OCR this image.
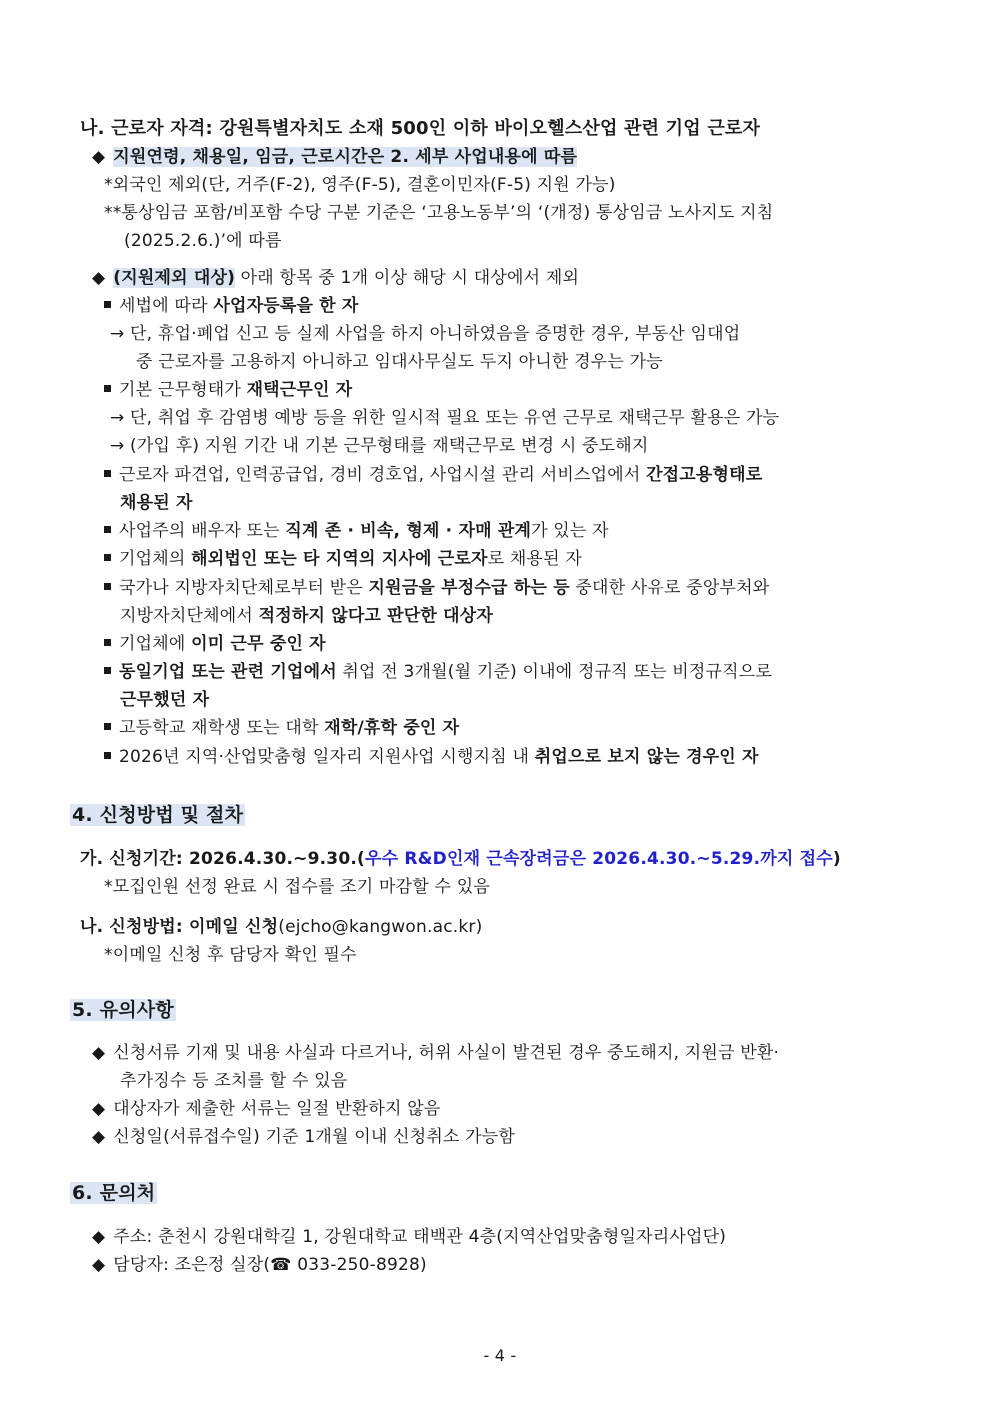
나. 근로자 자격: 강원특별자치도 소재 500인 이하 바이오헬스산업 관련 기업 근로자
◆ 지원연령, 채용일, 임금, 근로시간은 2. 세부 사업내용에 따름
*외국인 제외(단, 거주(F-2), 영주(F-5), 결혼이민자(F-5) 지원 가능)
**통상임금 포함/비포함 수당 구분 기준은 ‘고용노동부’의 ‘(개정) 통상임금 노사지도 지침
(2025.2.6.)’에 따름
◆ (지원제외 대상) 아래 항목 중 1개 이상 해당 시 대상에서 제외
세법에 따라 사업자등록을 한 자
→ 단, 휴업·폐업 신고 등 실제 사업을 하지 아니하였음을 증명한 경우, 부동산 임대업
중 근로자를 고용하지 아니하고 임대사무실도 두지 아니한 경우는 가능
기본 근무형태가 재택근무인 자
→ 단, 취업 후 감염병 예방 등을 위한 일시적 필요 또는 유연 근무로 재택근무 활용은 가능
→ (가입 후) 지원 기간 내 기본 근무형태를 재택근무로 변경 시 중도해지
근로자 파견업, 인력공급업, 경비 경호업, 사업시설 관리 서비스업에서 간접고용형태로
채용된 자
사업주의 배우자 또는 직계 존 · 비속, 형제 · 자매 관계가 있는 자
기업체의 해외법인 또는 타 지역의 지사에 근로자로 채용된 자
국가나 지방자치단체로부터 받은 지원금을 부정수급 하는 등 중대한 사유로 중앙부처와
지방자치단체에서 적정하지 않다고 판단한 대상자
기업체에 이미 근무 중인 자
동일기업 또는 관련 기업에서 취업 전 3개월(월 기준) 이내에 정규직 또는 비정규직으로
근무했던 자
고등학교 재학생 또는 대학 재학/휴학 중인 자
2026년 지역·산업맞춤형 일자리 지원사업 시행지침 내 취업으로 보지 않는 경우인 자
4. 신청방법 및 절차
가. 신청기간: 2026.4.30.~9.30.(우수 R&D인재 근속장려금은 2026.4.30.~5.29.까지 접수)
*모집인원 선정 완료 시 접수를 조기 마감할 수 있음
나. 신청방법: 이메일 신청(ejcho@kangwon.ac.kr)
*이메일 신청 후 담당자 확인 필수
5. 유의사항
◆ 신청서류 기재 및 내용 사실과 다르거나, 허위 사실이 발견된 경우 중도해지, 지원금 반환·
추가징수 등 조치를 할 수 있음
◆ 대상자가 제출한 서류는 일절 반환하지 않음
◆ 신청일(서류접수일) 기준 1개월 이내 신청취소 가능함
6. 문의처
◆ 주소: 춘천시 강원대학길 1, 강원대학교 태백관 4층(지역산업맞춤형일자리사업단)
◆ 담당자: 조은정 실장(☎ 033-250-8928)
- 4 -
